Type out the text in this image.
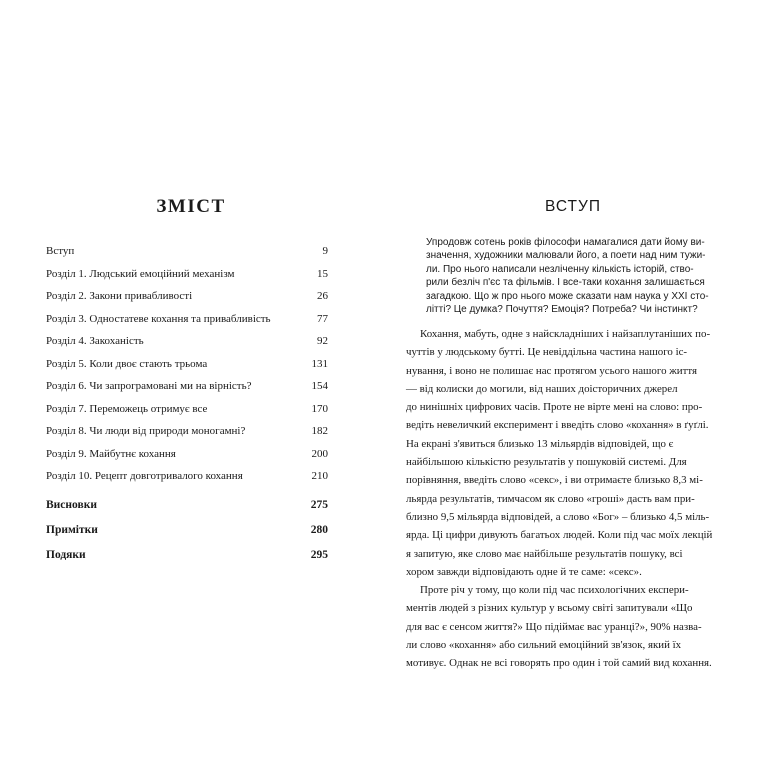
ЗМІСТ
Вступ	9
Розділ 1. Людський емоційний механізм	15
Розділ 2. Закони привабливості	26
Розділ 3. Одностатеве кохання та привабливість	77
Розділ 4. Закоханість	92
Розділ 5. Коли двоє стають трьома	131
Розділ 6. Чи запрограмовані ми на вірність?	154
Розділ 7. Переможець отримує все	170
Розділ 8. Чи люди від природи моногамні?	182
Розділ 9. Майбутнє кохання	200
Розділ 10. Рецепт довготривалого кохання	210
Висновки	275
Примітки	280
Подяки	295
ВСТУП
Упродовж сотень років філософи намагалися дати йому ви-
значення, художники малювали його, а поети над ним тужи-
ли. Про нього написали незліченну кількість історій, ство-
рили безліч п'єс та фільмів. І все-таки кохання залишається
загадкою. Що ж про нього може сказати нам наука у XXI сто-
літті? Це думка? Почуття? Емоція? Потреба? Чи інстинкт?
Кохання, мабуть, одне з найскладніших і найзаплутаніших по-
чуттів у людському бутті. Це невіддільна частина нашого іс-
нування, і воно не полишає нас протягом усього нашого життя
— від колиски до могили, від наших доісторичних джерел
до нинішніх цифрових часів. Проте не вірте мені на слово: про-
ведіть невеличкий експеримент і введіть слово «кохання» в ґуґлі.
На екрані з'явиться близько 13 мільярдів відповідей, що є
найбільшою кількістю результатів у пошуковій системі. Для
порівняння, введіть слово «секс», і ви отримаєте близько 8,3 мі-
льярда результатів, тимчасом як слово «гроші» дасть вам при-
близно 9,5 мільярда відповідей, а слово «Бог» – близько 4,5 міль-
ярда. Ці цифри дивують багатьох людей. Коли під час моїх лекцій
я запитую, яке слово має найбільше результатів пошуку, всі
хором завжди відповідають одне й те саме: «секс».
Проте річ у тому, що коли під час психологічних експери-
ментів людей з різних культур у всьому світі запитували «Що
для вас є сенсом життя?» Що підіймає вас уранці?», 90% назва-
ли слово «кохання» або сильний емоційний зв'язок, який їх
мотивує. Однак не всі говорять про один і той самий вид кохання.
